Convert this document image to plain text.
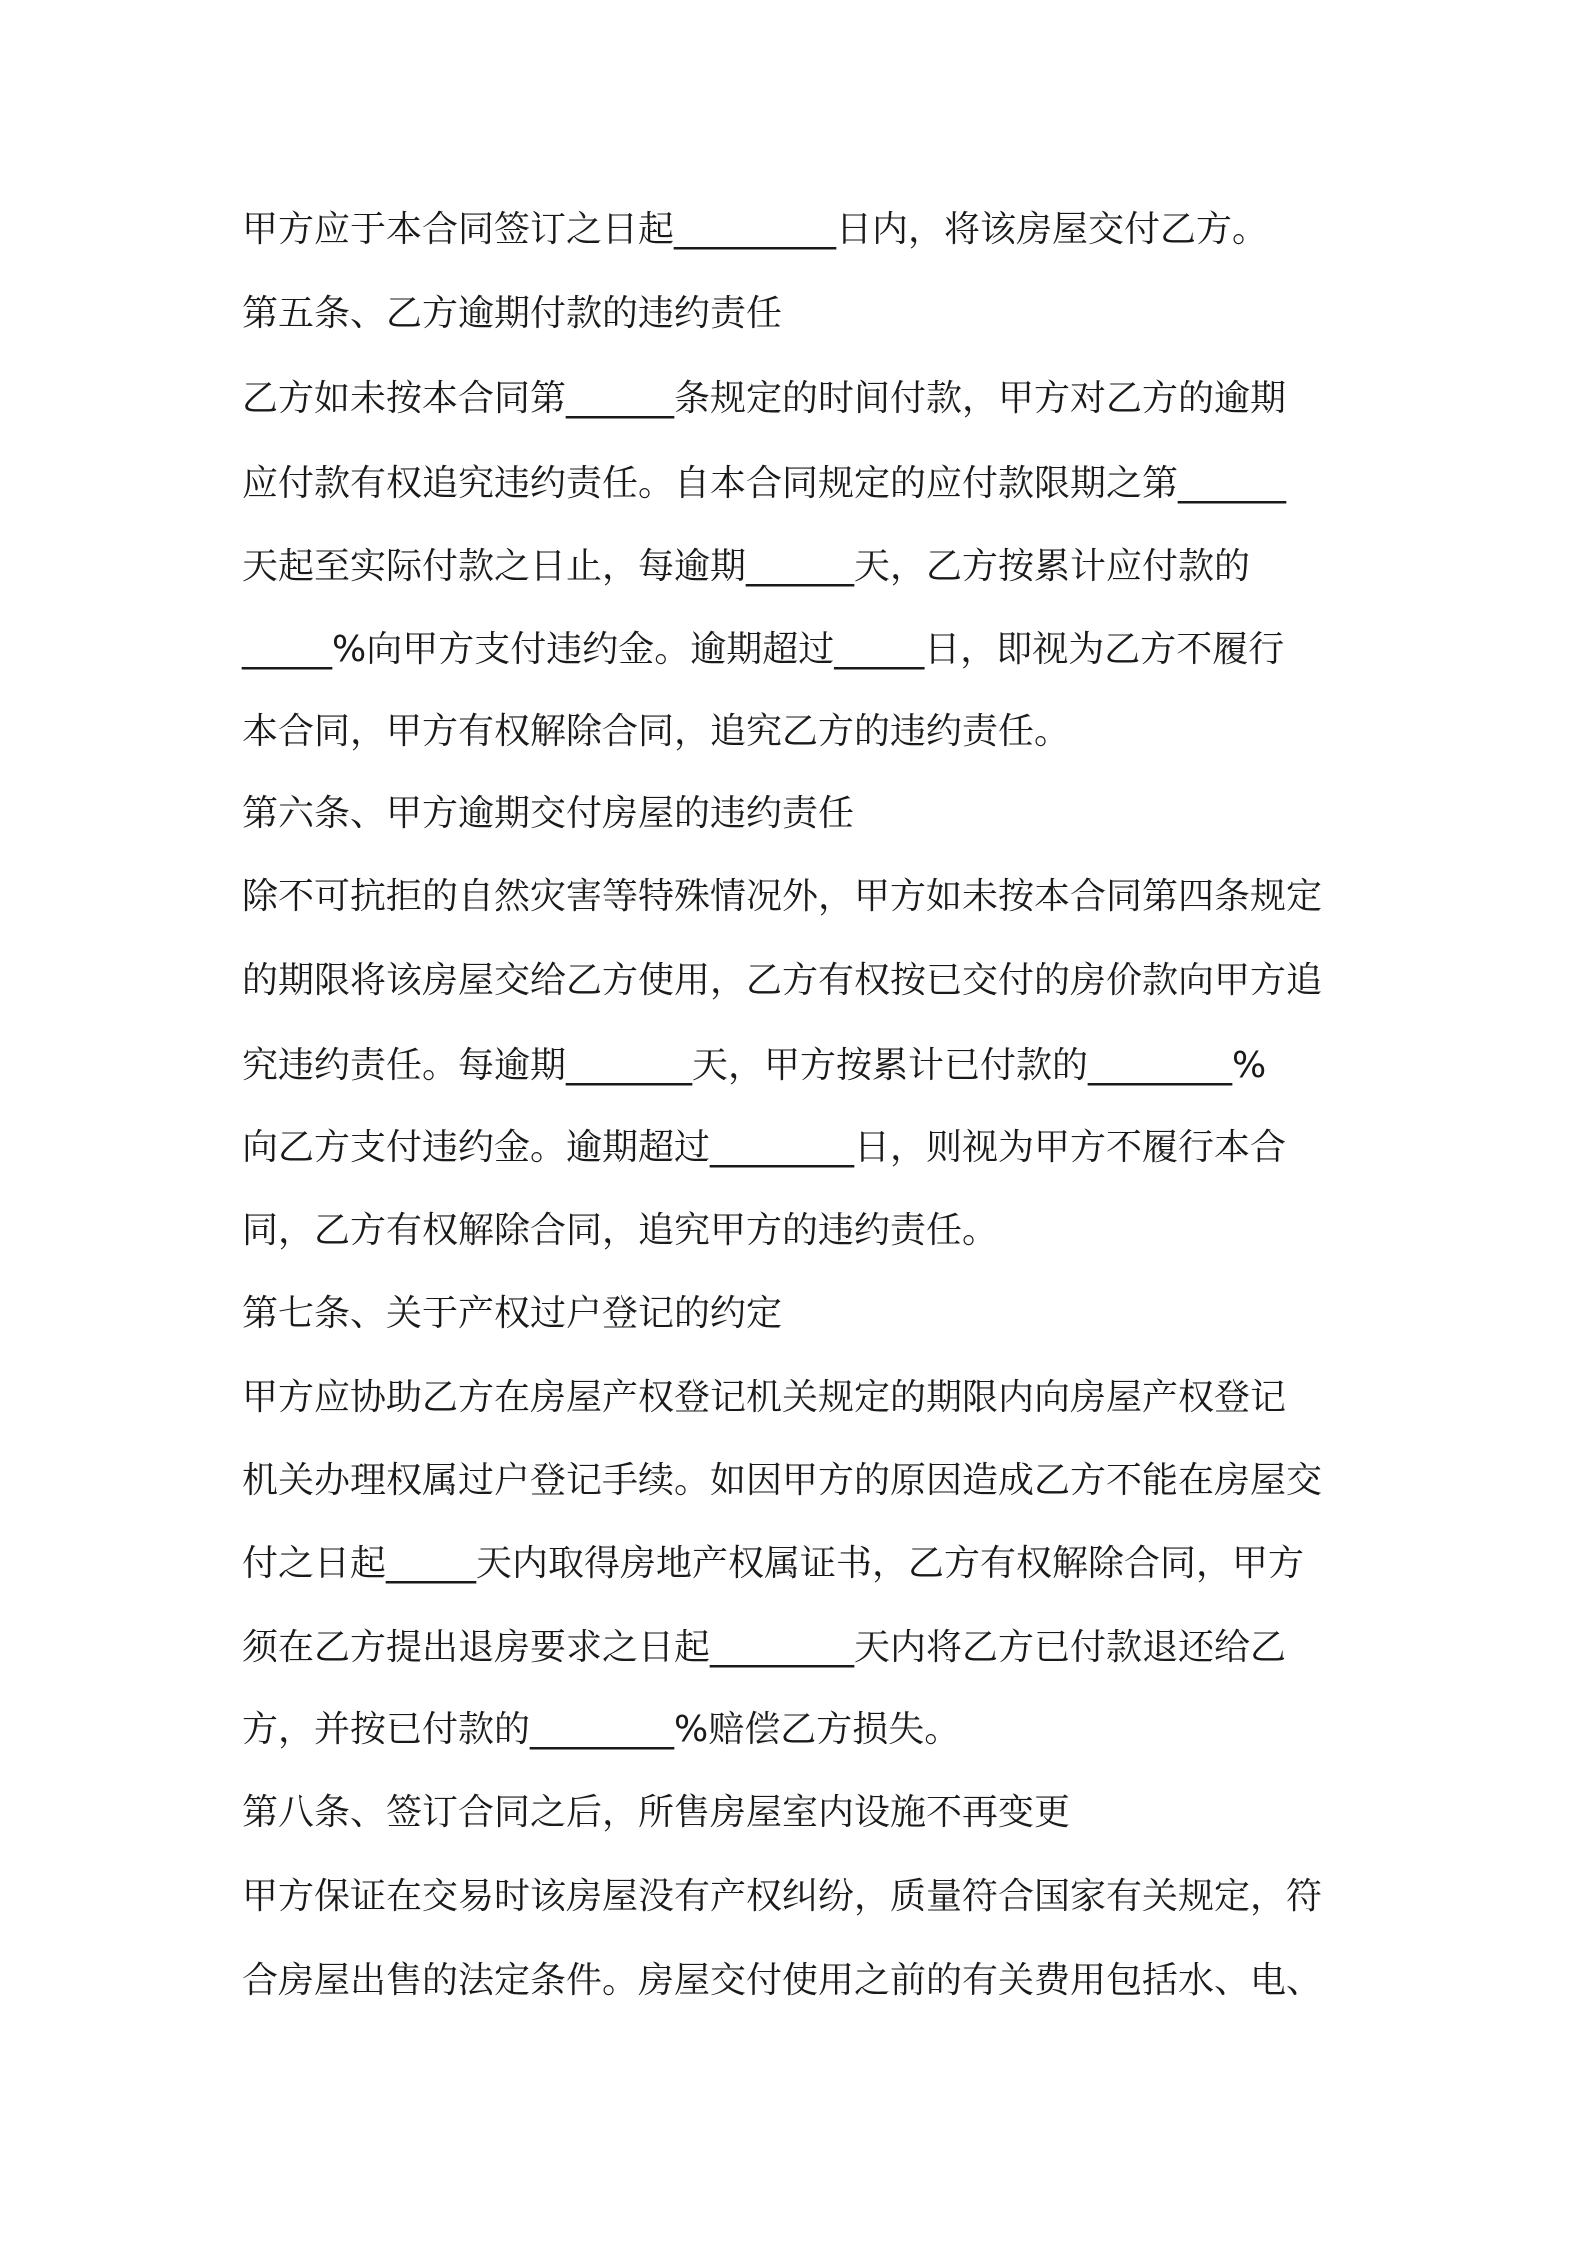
甲方应于本合同签订之日起_________日内，将该房屋交付乙方。

第五条、乙方逾期付款的违约责任

乙方如未按本合同第______条规定的时间付款，甲方对乙方的逾期

应付款有权追究违约责任。自本合同规定的应付款限期之第______

天起至实际付款之日止，每逾期______天，乙方按累计应付款的

_____%向甲方支付违约金。逾期超过_____日，即视为乙方不履行

本合同，甲方有权解除合同，追究乙方的违约责任。

第六条、甲方逾期交付房屋的违约责任

除不可抗拒的自然灾害等特殊情况外，甲方如未按本合同第四条规定

的期限将该房屋交给乙方使用，乙方有权按已交付的房价款向甲方追

究违约责任。每逾期_______天，甲方按累计已付款的________%

向乙方支付违约金。逾期超过________日，则视为甲方不履行本合

同，乙方有权解除合同，追究甲方的违约责任。

第七条、关于产权过户登记的约定

甲方应协助乙方在房屋产权登记机关规定的期限内向房屋产权登记

机关办理权属过户登记手续。如因甲方的原因造成乙方不能在房屋交

付之日起_____天内取得房地产权属证书，乙方有权解除合同，甲方

须在乙方提出退房要求之日起________天内将乙方已付款退还给乙

方，并按已付款的________%赔偿乙方损失。

第八条、签订合同之后，所售房屋室内设施不再变更

甲方保证在交易时该房屋没有产权纠纷，质量符合国家有关规定，符

合房屋出售的法定条件。房屋交付使用之前的有关费用包括水、电、
